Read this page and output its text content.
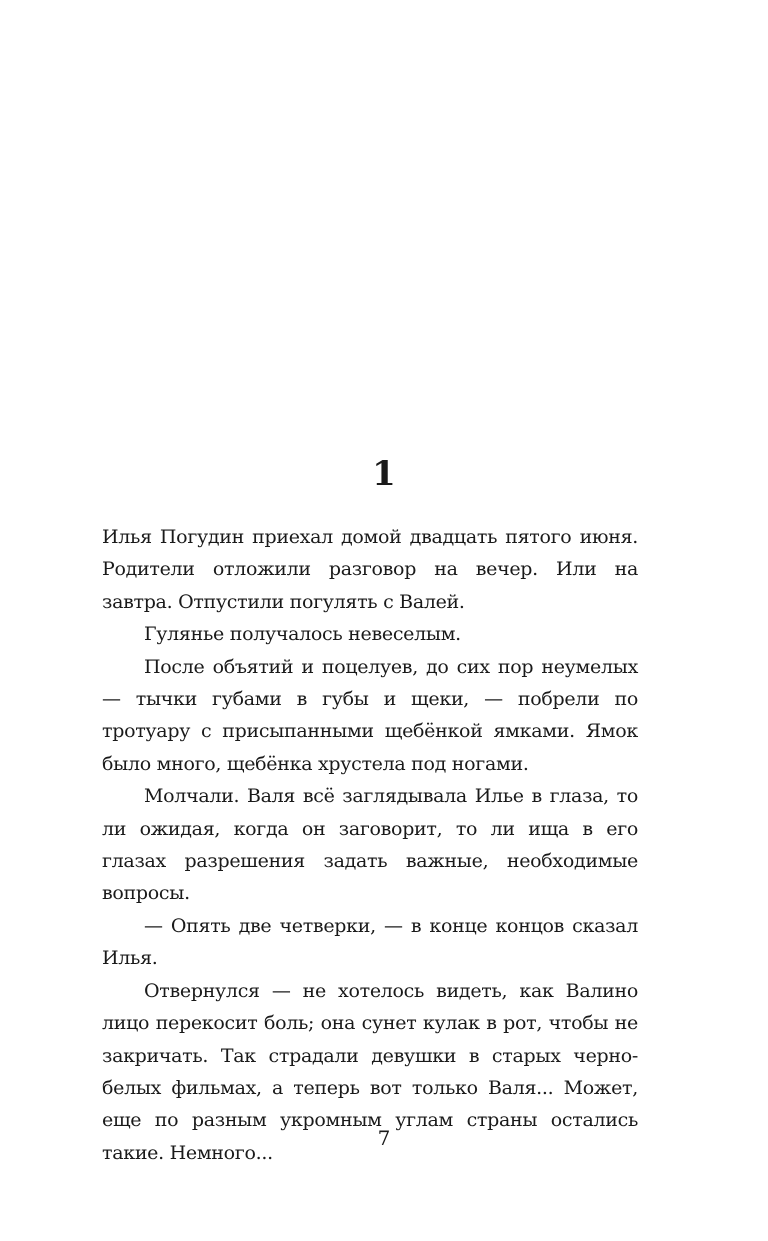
1

Илья Погудин приехал домой двадцать пятого июня. Родители отложили разговор на вечер. Или на завтра. Отпустили погулять с Валей.

Гулянье получалось невеселым.

После объятий и поцелуев, до сих пор неумелых — тычки губами в губы и щеки, — побрели по тротуару с присыпанными щебёнкой ямками. Ямок было много, щебёнка хрустела под ногами.

Молчали. Валя всё заглядывала Илье в глаза, то ли ожидая, когда он заговорит, то ли ища в его глазах разрешения задать важные, необходимые вопросы.

— Опять две четверки, — в конце концов сказал Илья.

Отвернулся — не хотелось видеть, как Валино лицо перекосит боль; она сунет кулак в рот, чтобы не закричать. Так страдали девушки в старых черно-белых фильмах, а теперь вот только Валя... Может, еще по разным укромным углам страны остались такие. Немного...

7
